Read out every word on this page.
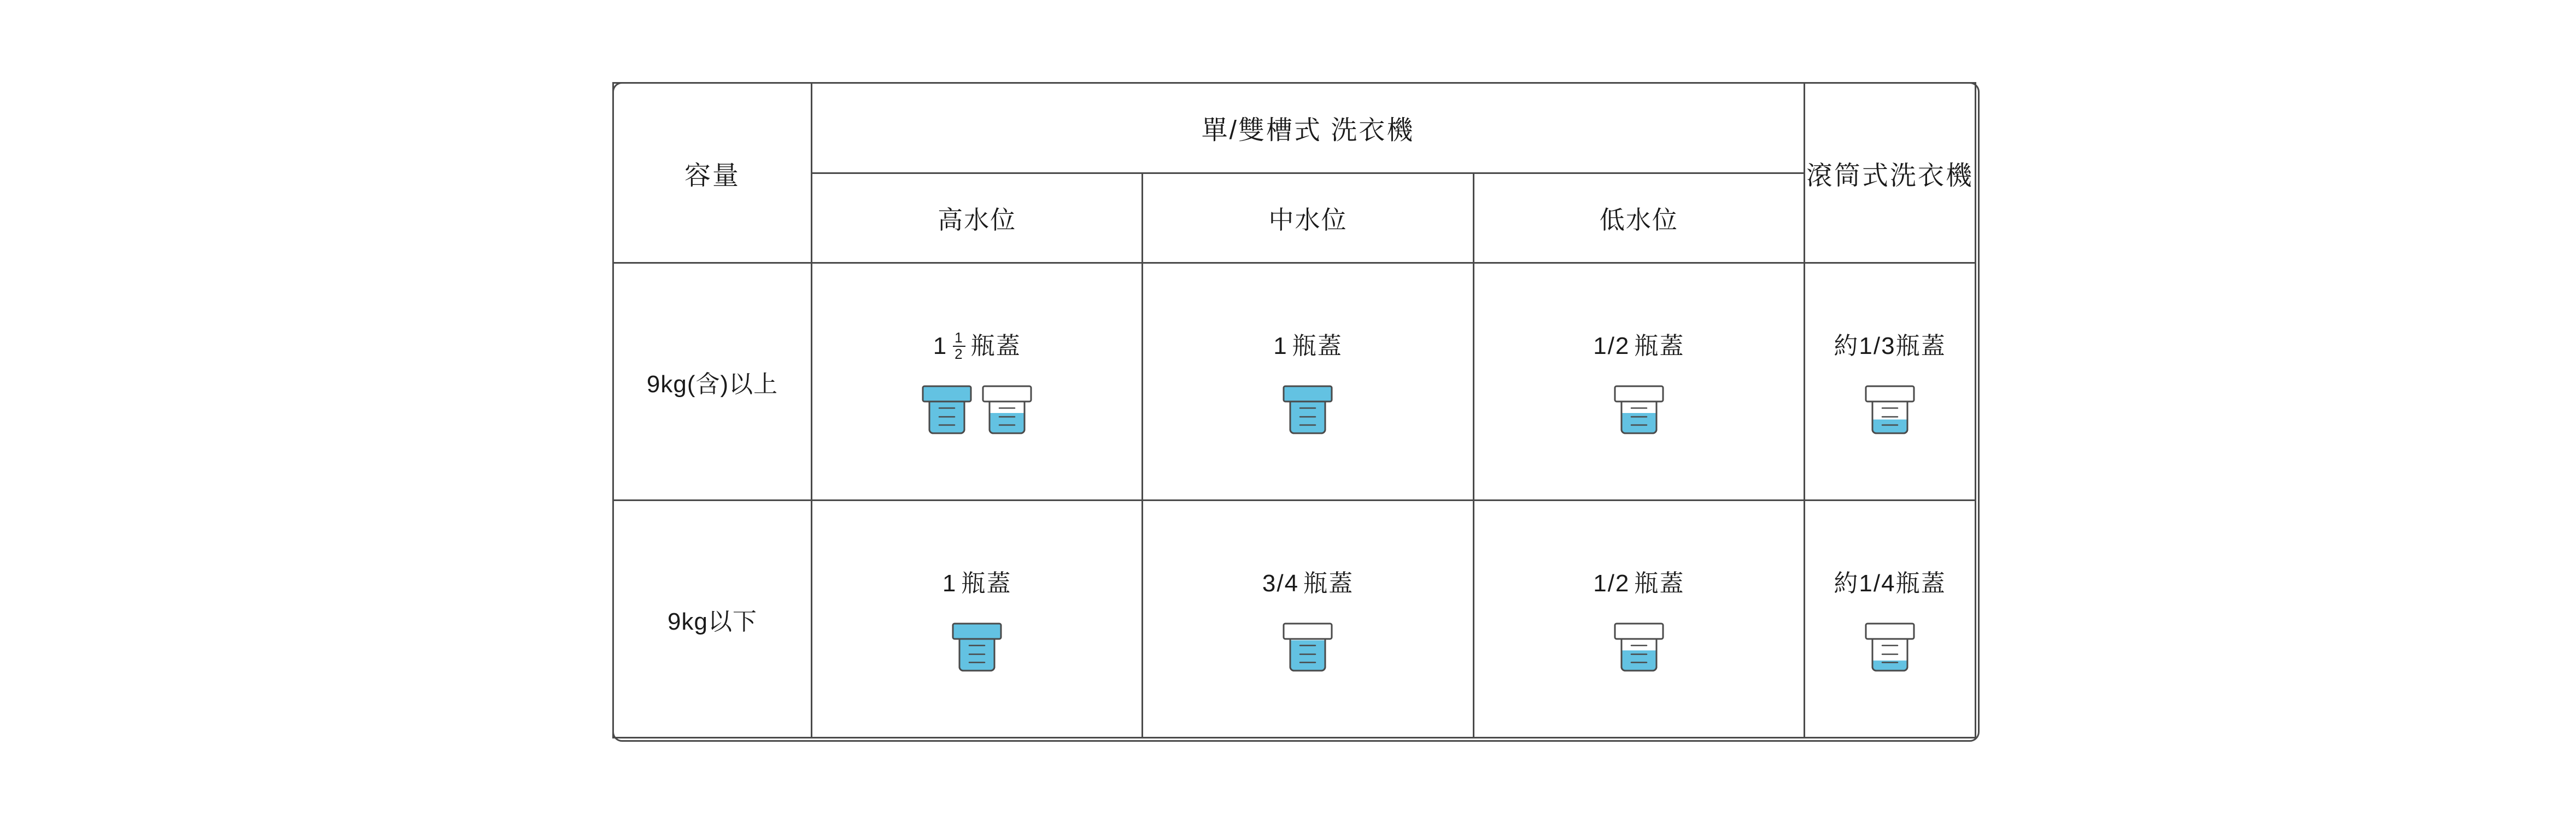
容量	單/雙槽式 洗衣機			滾筒式洗衣機
	高水位	中水位	低水位	
9kg(含)以上	$1 \frac{1}{2}$ 瓶蓋	1 瓶蓋	1/2 瓶蓋	約1/3瓶蓋

9kg以下	1 瓶蓋	3/4 瓶蓋	1/2 瓶蓋	約1/4瓶蓋
